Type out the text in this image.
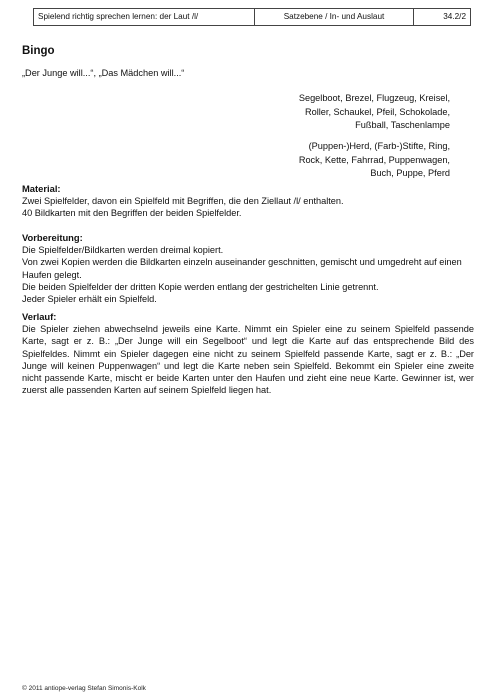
Spielend richtig sprechen lernen: der Laut /l/	Satzebene / In- und Auslaut	34.2/2
Bingo
„Der Junge will...“, „Das Mädchen will...“
Segelboot, Brezel, Flugzeug, Kreisel,
Roller, Schaukel, Pfeil, Schokolade,
Fußball, Taschenlampe
(Puppen-)Herd, (Farb-)Stifte, Ring,
Rock, Kette, Fahrrad, Puppenwagen,
Buch, Puppe, Pferd
Material:

Zwei Spielfelder, davon ein Spielfeld mit Begriffen, die den Ziellaut /l/ enthalten.

40 Bildkarten mit den Begriffen der beiden Spielfelder.

Vorbereitung:

Die Spielfelder/Bildkarten werden dreimal kopiert.

Von zwei Kopien werden die Bildkarten einzeln auseinander geschnitten, gemischt und umgedreht auf einen Haufen gelegt.

Die beiden Spielfelder der dritten Kopie werden entlang der gestrichelten Linie getrennt.

Jeder Spieler erhält ein Spielfeld.

Verlauf:

Die Spieler ziehen abwechselnd jeweils eine Karte. Nimmt ein Spieler eine zu seinem Spielfeld passende Karte, sagt er z. B.: „Der Junge will ein Segelboot“ und legt die Karte auf das entsprechende Bild des Spielfeldes. Nimmt ein Spieler dagegen eine nicht zu seinem Spielfeld passende Karte, sagt er z. B.: „Der Junge will keinen Puppenwagen“ und legt die Karte neben sein Spielfeld. Bekommt ein Spieler eine zweite nicht passende Karte, mischt er beide Karten unter den Haufen und zieht eine neue Karte. Gewinner ist, wer zuerst alle passenden Karten auf seinem Spielfeld liegen hat.

© 2011 antiope-verlag Stefan Simonis-Kolk
